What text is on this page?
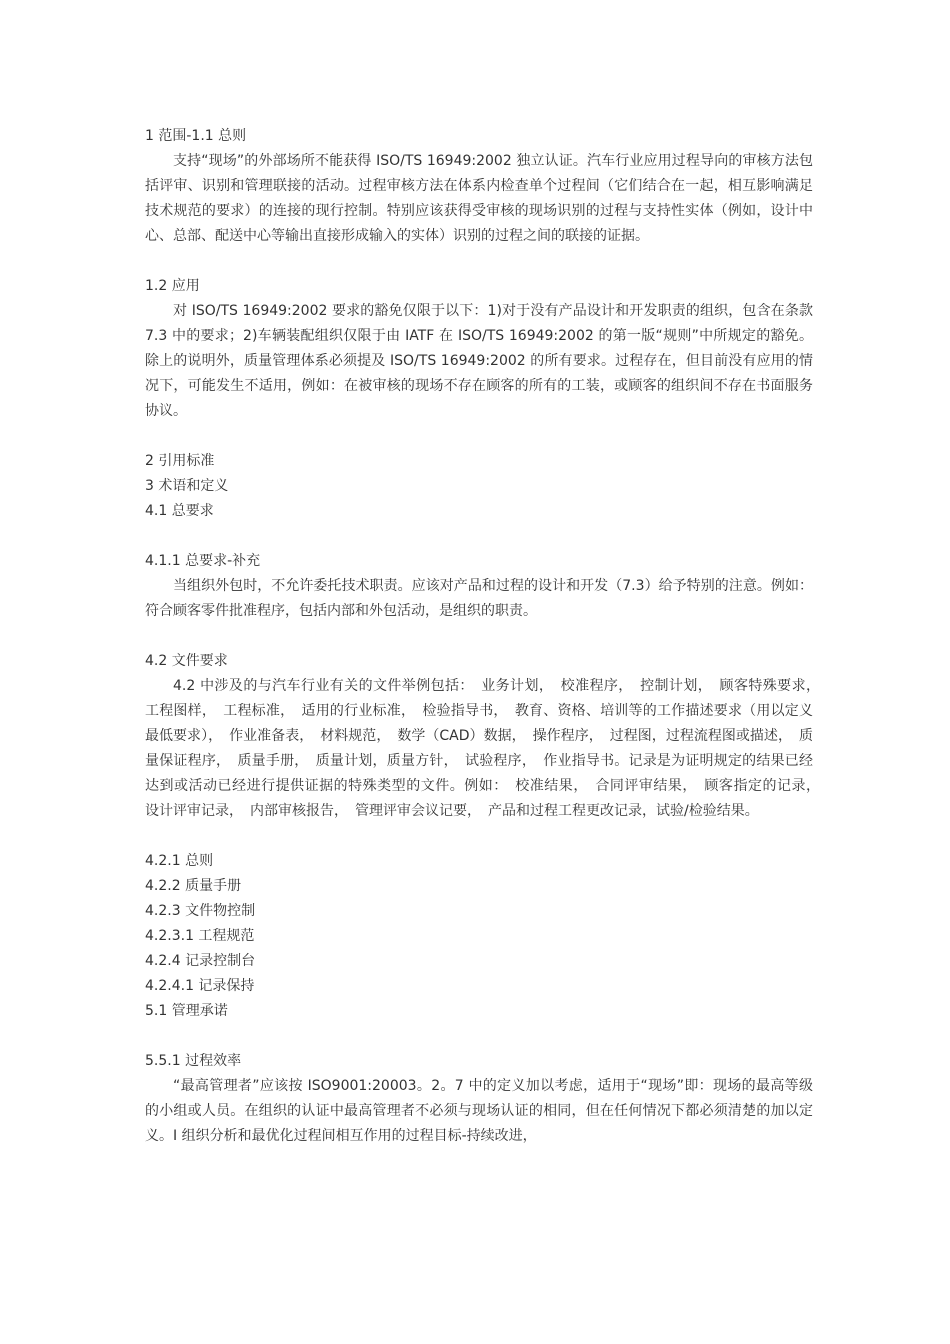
1 范围-1.1 总则

支持“现场”的外部场所不能获得 ISO/TS 16949:2002 独立认证。汽车行业应用过程导向的审核方法包括评审、识别和管理联接的活动。过程审核方法在体系内检查单个过程间（它们结合在一起，相互影响满足技术规范的要求）的连接的现行控制。特别应该获得受审核的现场识别的过程与支持性实体（例如，设计中心、总部、配送中心等输出直接形成输入的实体）识别的过程之间的联接的证据。

1.2 应用

对 ISO/TS 16949:2002 要求的豁免仅限于以下：1)对于没有产品设计和开发职责的组织，包含在条款 7.3 中的要求；2)车辆装配组织仅限于由 IATF 在 ISO/TS 16949:2002 的第一版“规则”中所规定的豁免。除上的说明外，质量管理体系必须提及 ISO/TS 16949:2002 的所有要求。过程存在，但目前没有应用的情况下，可能发生不适用，例如：在被审核的现场不存在顾客的所有的工装，或顾客的组织间不存在书面服务协议。

2 引用标准
3 术语和定义
4.1 总要求
4.1.1 总要求-补充

当组织外包时，不允许委托技术职责。应该对产品和过程的设计和开发（7.3）给予特别的注意。例如：符合顾客零件批准程序，包括内部和外包活动，是组织的职责。

4.2 文件要求

4.2 中涉及的与汽车行业有关的文件举例包括：　业务计划，　校准程序，　控制计划，　顾客特殊要求，　工程图样，　工程标准，　适用的行业标准，　检验指导书，　教育、资格、培训等的工作描述要求（用以定义最低要求），　作业准备表，　材料规范，　数学（CAD）数据，　操作程序，　过程图，过程流程图或描述，　质量保证程序，　质量手册，　质量计划，质量方针，　试验程序，　作业指导书。记录是为证明规定的结果已经达到或活动已经进行提供证据的特殊类型的文件。例如：　校准结果，　合同评审结果，　顾客指定的记录，　设计评审记录，　内部审核报告，　管理评审会议记要，　产品和过程工程更改记录，试验/检验结果。

4.2.1 总则
4.2.2 质量手册
4.2.3 文件物控制
4.2.3.1 工程规范
4.2.4 记录控制台
4.2.4.1 记录保持
5.1 管理承诺
5.5.1 过程效率

“最高管理者”应该按 ISO9001:20003。2。7 中的定义加以考虑，适用于“现场”即：现场的最高等级的小组或人员。在组织的认证中最高管理者不必须与现场认证的相同，但在任何情况下都必须清楚的加以定义。I 组织分析和最优化过程间相互作用的过程目标-持续改进，
